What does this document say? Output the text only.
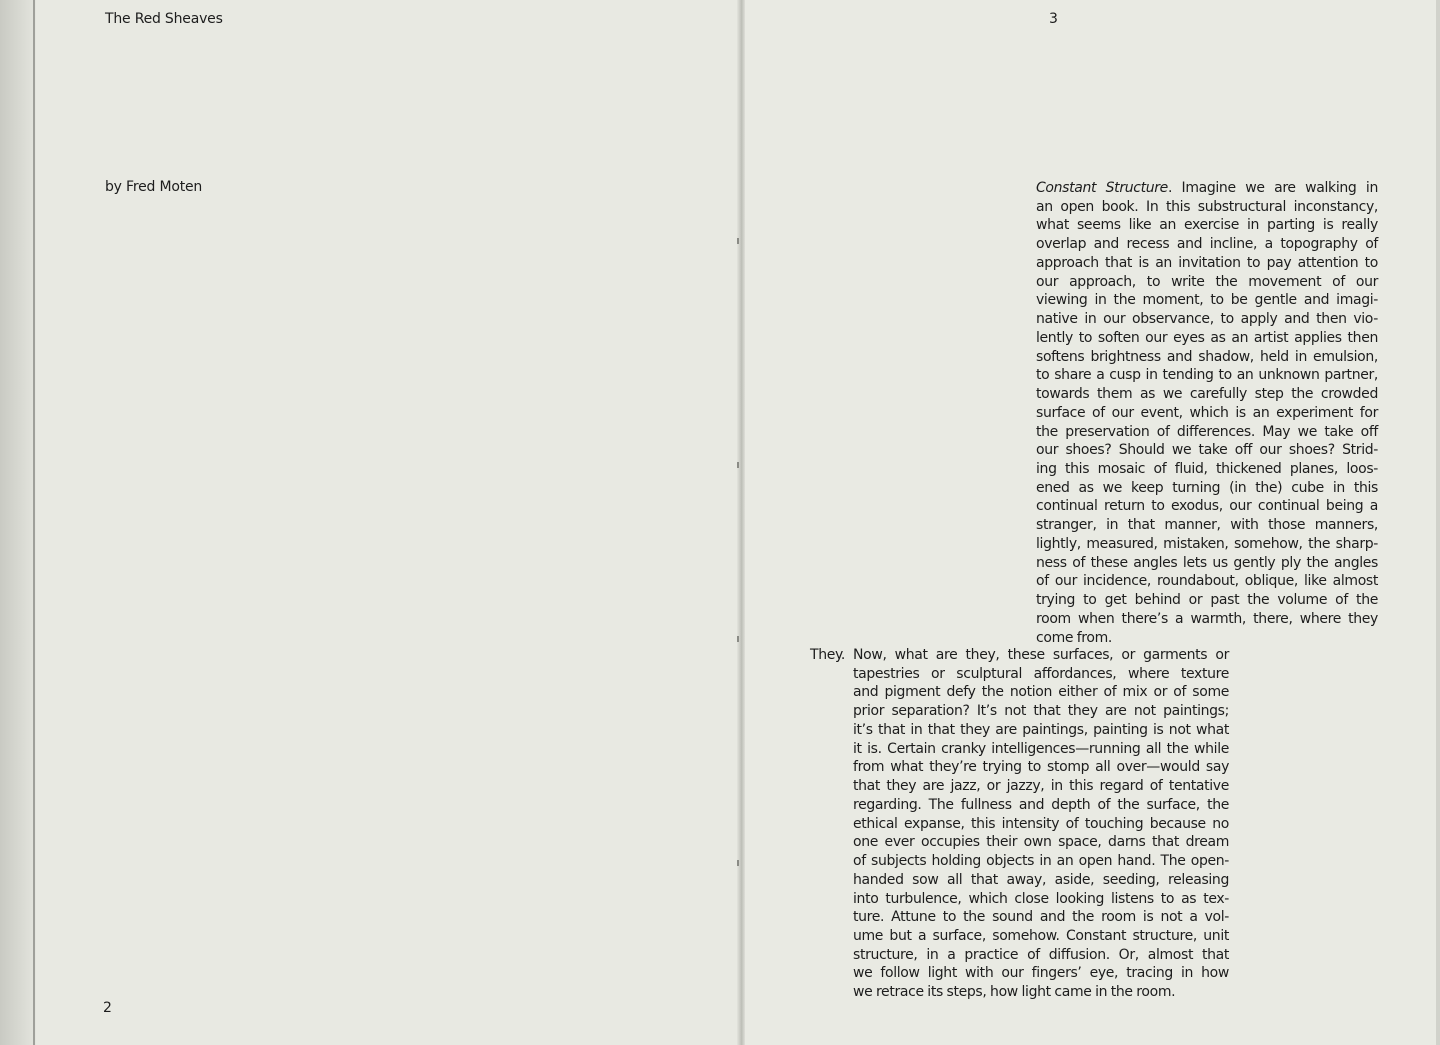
The Red Sheaves
by Fred Moten
2
3
Constant Structure. Imagine we are walking in
an open book. In this substructural inconstancy,
what seems like an exercise in parting is really
overlap and recess and incline, a topography of
approach that is an invitation to pay attention to
our approach, to write the movement of our
viewing in the moment, to be gentle and imagi-
native in our observance, to apply and then vio-
lently to soften our eyes as an artist applies then
softens brightness and shadow, held in emulsion,
to share a cusp in tending to an unknown partner,
towards them as we carefully step the crowded
surface of our event, which is an experiment for
the preservation of differences. May we take off
our shoes? Should we take off our shoes? Strid-
ing this mosaic of fluid, thickened planes, loos-
ened as we keep turning (in the) cube in this
continual return to exodus, our continual being a
stranger, in that manner, with those manners,
lightly, measured, mistaken, somehow, the sharp-
ness of these angles lets us gently ply the angles
of our incidence, roundabout, oblique, like almost
trying to get behind or past the volume of the
room when there’s a warmth, there, where they
come from.
They. Now, what are they, these surfaces, or garments or
tapestries or sculptural affordances, where texture
and pigment defy the notion either of mix or of some
prior separation? It’s not that they are not paintings;
it’s that in that they are paintings, painting is not what
it is. Certain cranky intelligences—running all the while
from what they’re trying to stomp all over—would say
that they are jazz, or jazzy, in this regard of tentative
regarding. The fullness and depth of the surface, the
ethical expanse, this intensity of touching because no
one ever occupies their own space, darns that dream
of subjects holding objects in an open hand. The open-
handed sow all that away, aside, seeding, releasing
into turbulence, which close looking listens to as tex-
ture. Attune to the sound and the room is not a vol-
ume but a surface, somehow. Constant structure, unit
structure, in a practice of diffusion. Or, almost that
we follow light with our fingers’ eye, tracing in how
we retrace its steps, how light came in the room.
